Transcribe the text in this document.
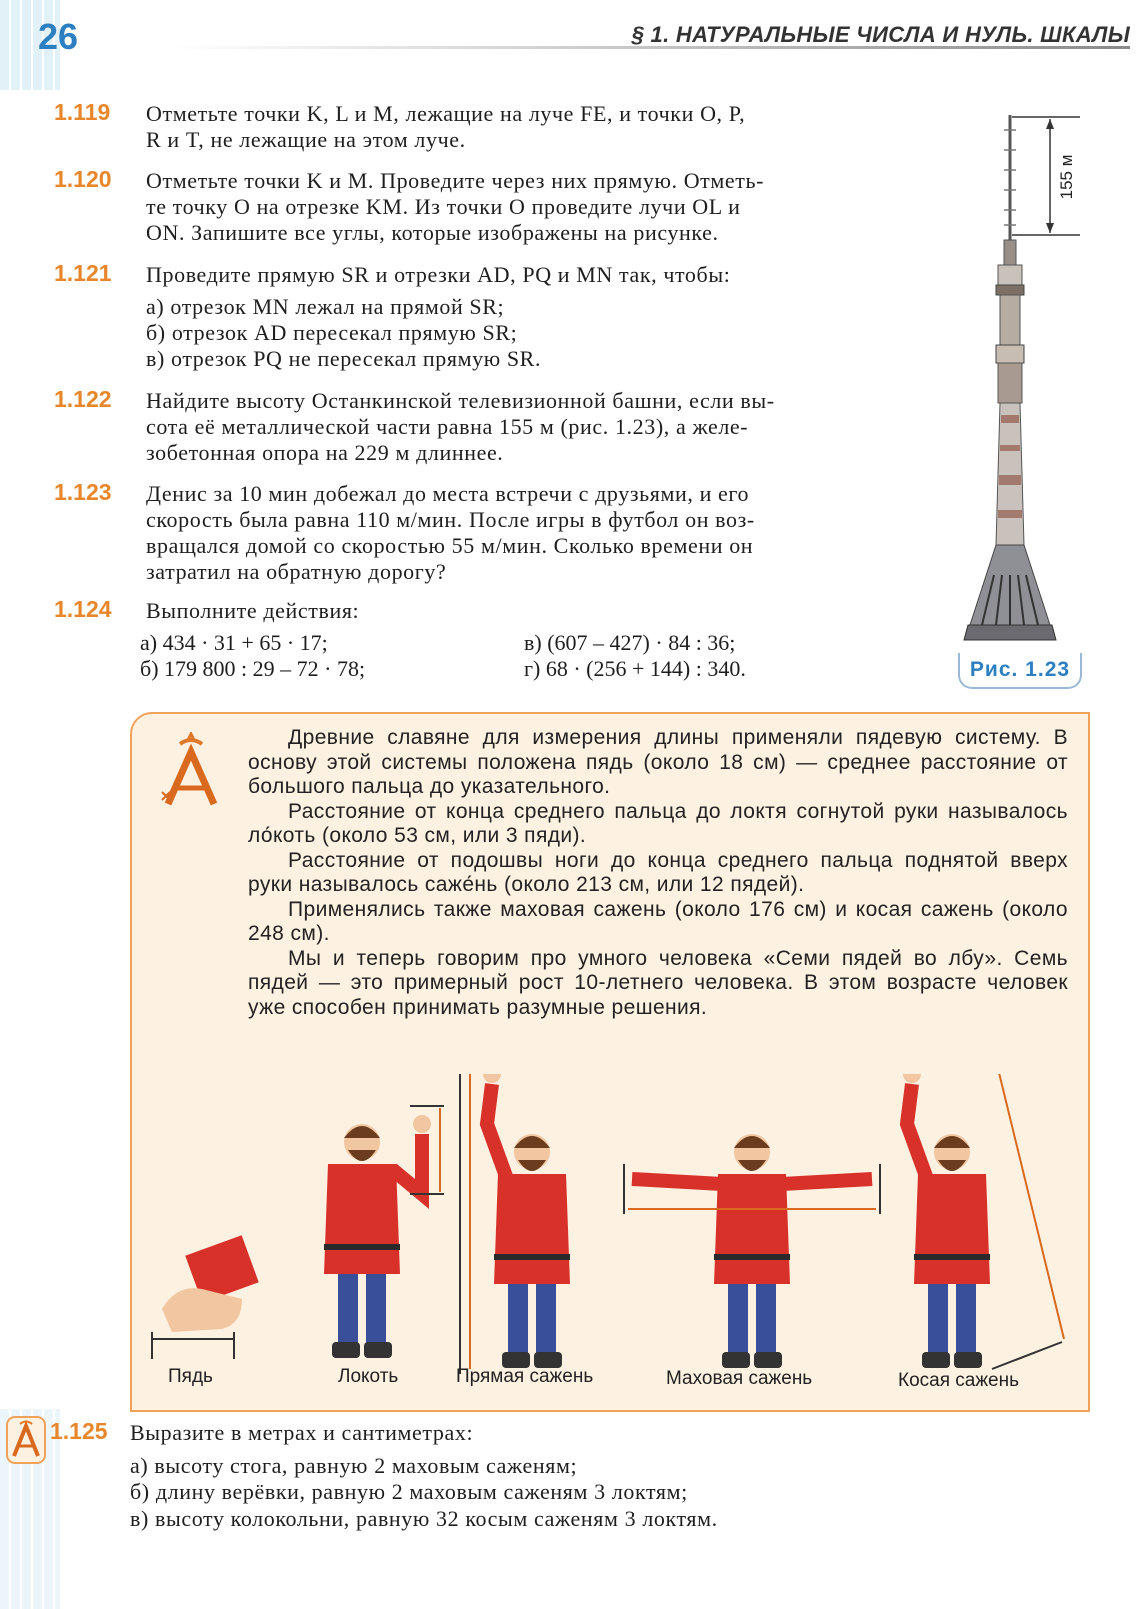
26	§ 1. НАТУРАЛЬНЫЕ ЧИСЛА И НУЛЬ. ШКАЛЫ
1.119 Отметьте точки K, L и M, лежащие на луче FE, и точки O, P,

R и T, не лежащие на этом луче.

1.120 Отметьте точки K и M. Проведите через них прямую. Отметь-

те точку O на отрезке KM. Из точки O проведите лучи OL и

ON. Запишите все углы, которые изображены на рисунке.

1.121 Проведите прямую SR и отрезки AD, PQ и MN так, чтобы:

а) отрезок MN лежал на прямой SR;

б) отрезок AD пересекал прямую SR;

в) отрезок PQ не пересекал прямую SR.

1.122 Найдите высоту Останкинской телевизионной башни, если вы-

сота её металлической части равна 155 м (рис. 1.23), а желе-

зобетонная опора на 229 м длиннее.

1.123 Денис за 10 мин добежал до места встречи с друзьями, и его

скорость была равна 110 м/мин. После игры в футбол он воз-

вращался домой со скоростью 55 м/мин. Сколько времени он

затратил на обратную дорогу?

1.124 Выполните действия:

а) 434 · 31 + 65 · 17;

б) 179 800 : 29 – 72 · 78;

в) (607 – 427) · 84 : 36;

г) 68 · (256 + 144) : 340.

155 м
Рис. 1.23

Древние славяне для измерения длины применяли пядевую систему. В основу этой системы положена пядь (около 18 см) — среднее расстояние от большого пальца до указательного.

Расстояние от конца среднего пальца до локтя согнутой руки называлось ло́коть (около 53 см, или 3 пяди).

Расстояние от подошвы ноги до конца среднего пальца поднятой вверх руки называлось саже́нь (около 213 см, или 12 пядей).

Применялись также маховая сажень (около 176 см) и косая сажень (около 248 см).

Мы и теперь говорим про умного человека «Семи пядей во лбу». Семь пядей — это примерный рост 10-летнего человека. В этом возрасте человек уже способен принимать разумные решения.

Пядь	Локоть	Прямая сажень	Маховая сажень	Косая сажень
1.125 Выразите в метрах и сантиметрах:

а) высоту стога, равную 2 маховым саженям;

б) длину верёвки, равную 2 маховым саженям 3 локтям;

в) высоту колокольни, равную 32 косым саженям 3 локтям.
